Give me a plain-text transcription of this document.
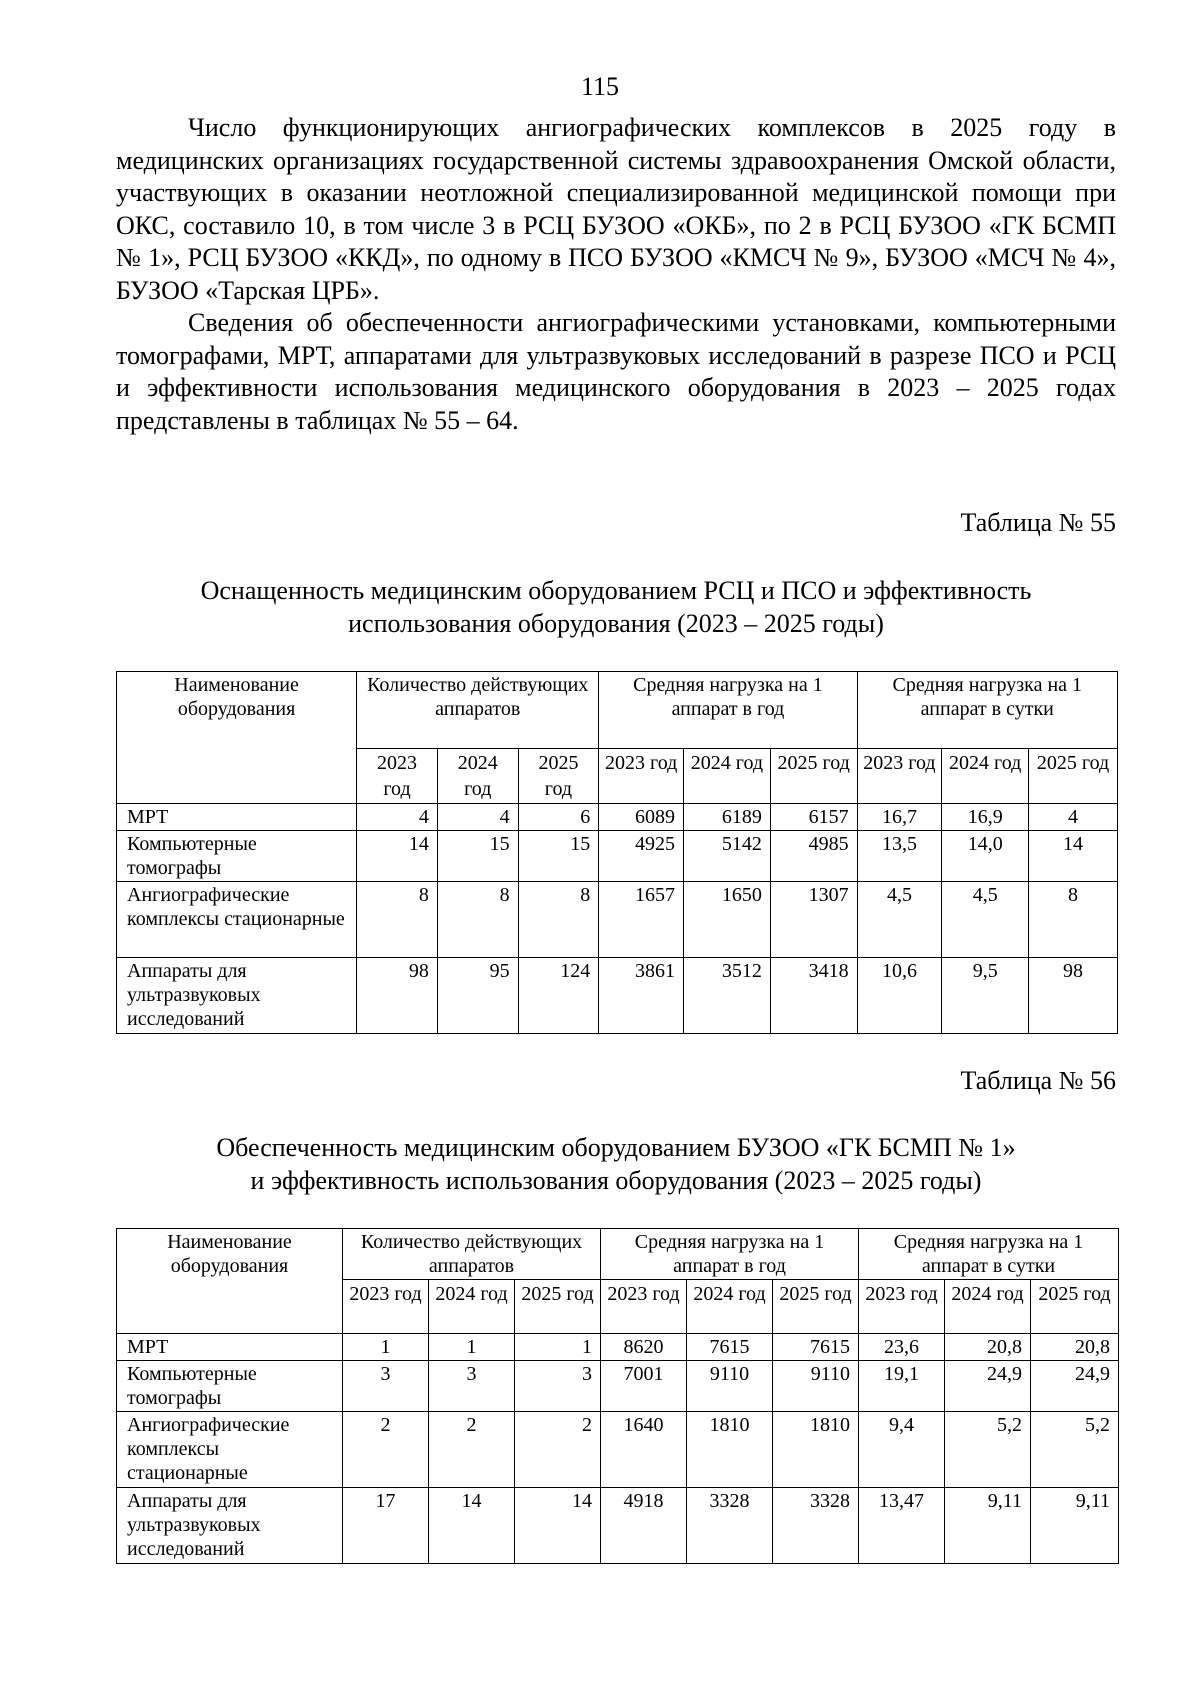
115

Число функционирующих ангиографических комплексов в 2025 году в медицинских организациях государственной системы здравоохранения Омской области, участвующих в оказании неотложной специализированной медицинской помощи при ОКС, составило 10, в том числе 3 в РСЦ БУЗОО «ОКБ», по 2 в РСЦ БУЗОО «ГК БСМП № 1», РСЦ БУЗОО «ККД», по одному в ПСО БУЗОО «КМСЧ № 9», БУЗОО «МСЧ № 4», БУЗОО «Тарская ЦРБ».

Сведения об обеспеченности ангиографическими установками, компьютерными томографами, МРТ, аппаратами для ультразвуковых исследований в разрезе ПСО и РСЦ и эффективности использования медицинского оборудования в 2023 – 2025 годах представлены в таблицах № 55 – 64.

Таблица № 55
Оснащенность медицинским оборудованием РСЦ и ПСО и эффективность
использования оборудования (2023 – 2025 годы)
Наименование оборудования	Количество действующих аппаратов			Средняя нагрузка на 1 аппарат в год			Средняя нагрузка на 1 аппарат в сутки		
	2023 год	2024 год	2025 год	2023 год	2024 год	2025 год	2023 год	2024 год	2025 год
МРТ	4	4	6	6089	6189	6157	16,7	16,9	4
Компьютерные томографы	14	15	15	4925	5142	4985	13,5	14,0	14
Ангиографические комплексы стационарные	8	8	8	1657	1650	1307	4,5	4,5	8
Аппараты для ультразвуковых исследований	98	95	124	3861	3512	3418	10,6	9,5	98
Таблица № 56
Обеспеченность медицинским оборудованием БУЗОО «ГК БСМП № 1»
и эффективность использования оборудования (2023 – 2025 годы)
Наименование оборудования	Количество действующих аппаратов			Средняя нагрузка на 1 аппарат в год			Средняя нагрузка на 1 аппарат в сутки		
	2023 год	2024 год	2025 год	2023 год	2024 год	2025 год	2023 год	2024 год	2025 год
МРТ	1	1	1	8620	7615	7615	23,6	20,8	20,8
Компьютерные томографы	3	3	3	7001	9110	9110	19,1	24,9	24,9
Ангиографические комплексы стационарные	2	2	2	1640	1810	1810	9,4	5,2	5,2
Аппараты для ультразвуковых исследований	17	14	14	4918	3328	3328	13,47	9,11	9,11
